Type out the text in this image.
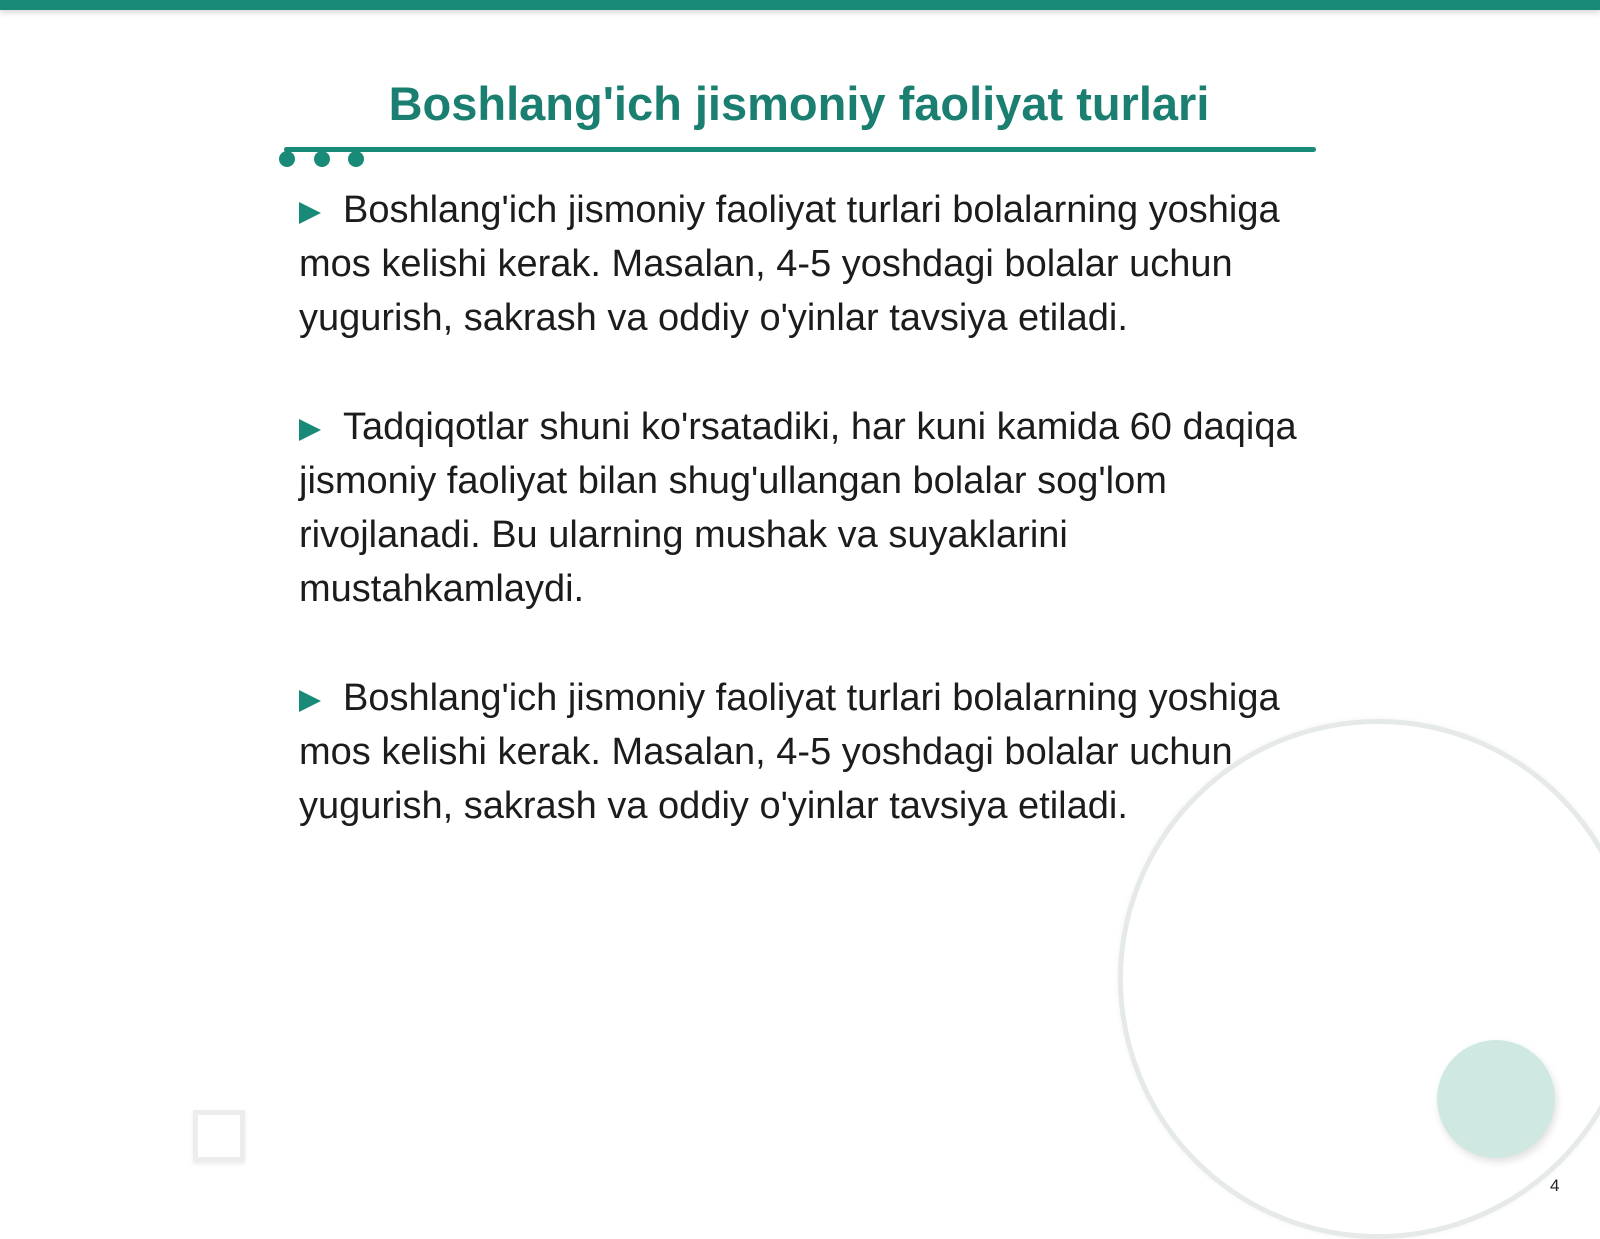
Boshlang'ich jismoniy faoliyat turlari

Boshlang'ich jismoniy faoliyat turlari bolalarning yoshiga mos kelishi kerak. Masalan, 4-5 yoshdagi bolalar uchun yugurish, sakrash va oddiy o'yinlar tavsiya etiladi.

Tadqiqotlar shuni ko'rsatadiki, har kuni kamida 60 daqiqa jismoniy faoliyat bilan shug'ullangan bolalar sog'lom rivojlanadi. Bu ularning mushak va suyaklarini mustahkamlaydi.

Boshlang'ich jismoniy faoliyat turlari bolalarning yoshiga mos kelishi kerak. Masalan, 4-5 yoshdagi bolalar uchun yugurish, sakrash va oddiy o'yinlar tavsiya etiladi.

4
